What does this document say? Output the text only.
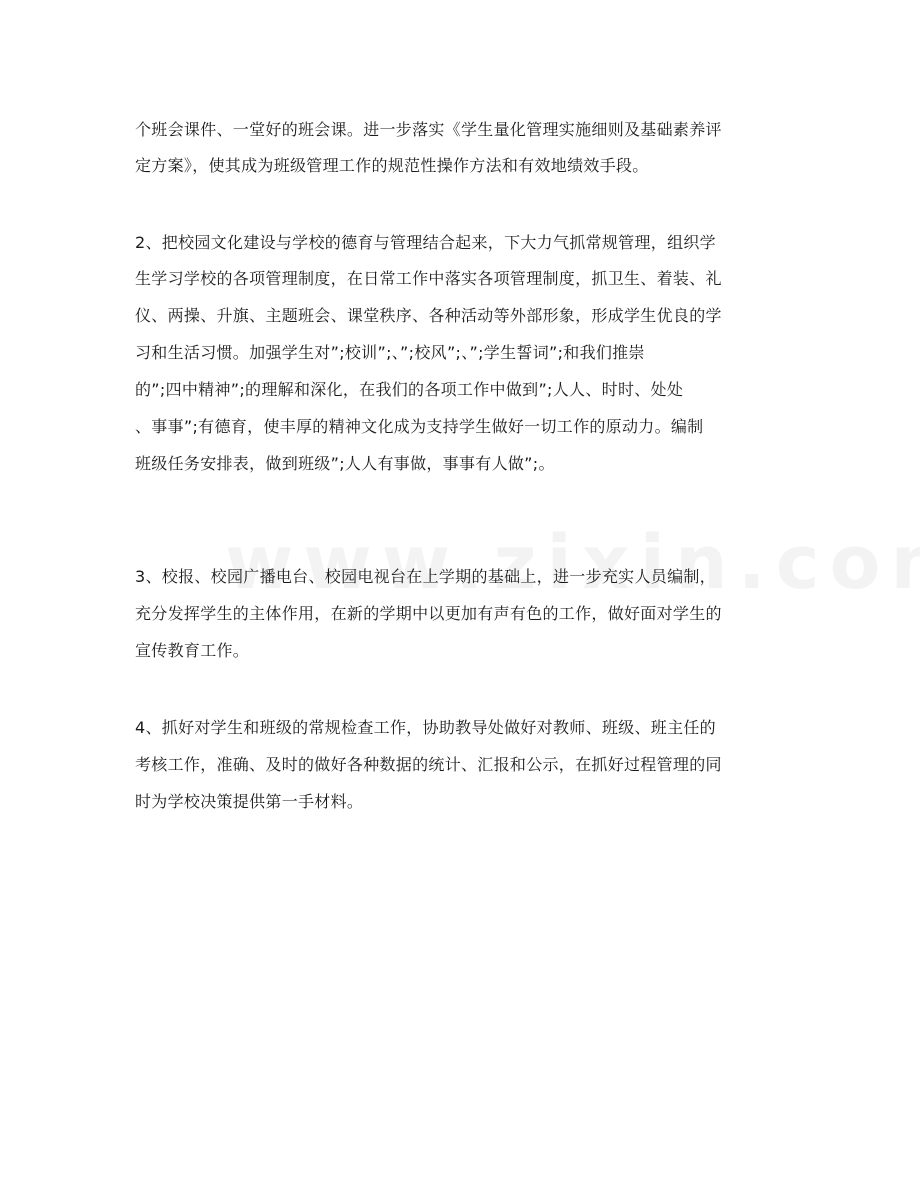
个班会课件、一堂好的班会课。进一步落实《学生量化管理实施细则及基础素养评
定方案》，使其成为班级管理工作的规范性操作方法和有效地绩效手段。
2、把校园文化建设与学校的德育与管理结合起来，下大力气抓常规管理，组织学
生学习学校的各项管理制度，在日常工作中落实各项管理制度，抓卫生、着装、礼
仪、两操、升旗、主题班会、课堂秩序、各种活动等外部形象，形成学生优良的学
习和生活习惯。加强学生对”;校训”;、”;校风”;、”;学生誓词”;和我们推崇
的”;四中精神”;的理解和深化，在我们的各项工作中做到”;人人、时时、处处
、事事”;有德育，使丰厚的精神文化成为支持学生做好一切工作的原动力。编制
班级任务安排表，做到班级”;人人有事做，事事有人做”;。
3、校报、校园广播电台、校园电视台在上学期的基础上，进一步充实人员编制，
充分发挥学生的主体作用，在新的学期中以更加有声有色的工作，做好面对学生的
宣传教育工作。
4、抓好对学生和班级的常规检查工作，协助教导处做好对教师、班级、班主任的
考核工作，准确、及时的做好各种数据的统计、汇报和公示，在抓好过程管理的同
时为学校决策提供第一手材料。
